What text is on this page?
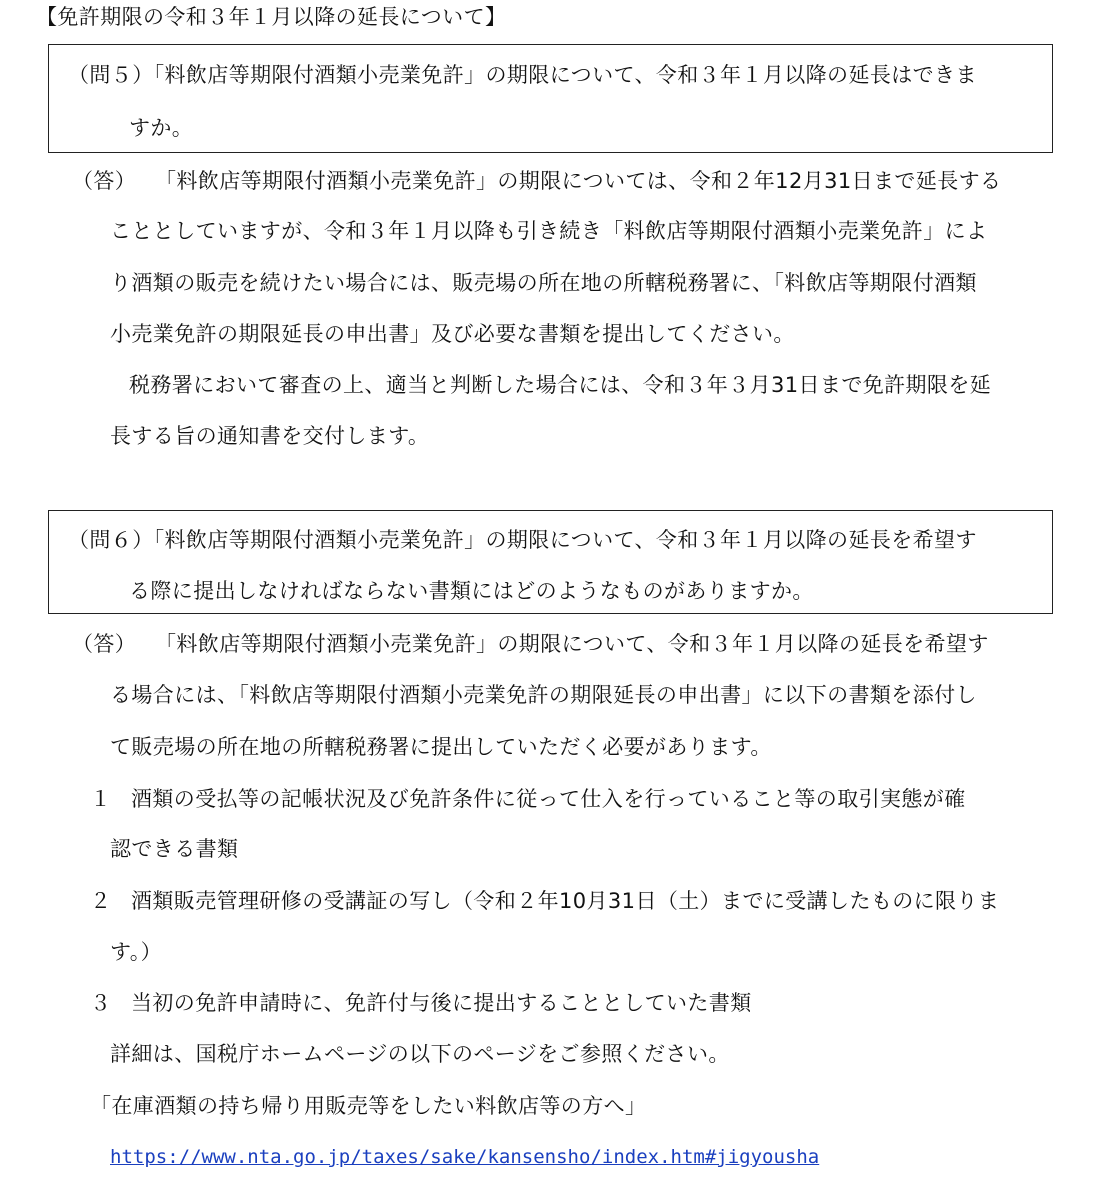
【免許期限の令和３年１月以降の延長について】
（問５）「料飲店等期限付酒類小売業免許」の期限について、令和３年１月以降の延長はできま
すか。
（答） 「料飲店等期限付酒類小売業免許」の期限については、令和２年12月31日まで延長する
こととしていますが、令和３年１月以降も引き続き「料飲店等期限付酒類小売業免許」によ
り酒類の販売を続けたい場合には、販売場の所在地の所轄税務署に、「料飲店等期限付酒類
小売業免許の期限延長の申出書」及び必要な書類を提出してください。
税務署において審査の上、適当と判断した場合には、令和３年３月31日まで免許期限を延
長する旨の通知書を交付します。
（問６）「料飲店等期限付酒類小売業免許」の期限について、令和３年１月以降の延長を希望す
る際に提出しなければならない書類にはどのようなものがありますか。
（答） 「料飲店等期限付酒類小売業免許」の期限について、令和３年１月以降の延長を希望す
る場合には、「料飲店等期限付酒類小売業免許の期限延長の申出書」に以下の書類を添付し
て販売場の所在地の所轄税務署に提出していただく必要があります。
１ 酒類の受払等の記帳状況及び免許条件に従って仕入を行っていること等の取引実態が確
認できる書類
２ 酒類販売管理研修の受講証の写し（令和２年10月31日（土）までに受講したものに限りま
す。）
３ 当初の免許申請時に、免許付与後に提出することとしていた書類
詳細は、国税庁ホームページの以下のページをご参照ください。
「在庫酒類の持ち帰り用販売等をしたい料飲店等の方へ」
https://www.nta.go.jp/taxes/sake/kansensho/index.htm#jigyousha
